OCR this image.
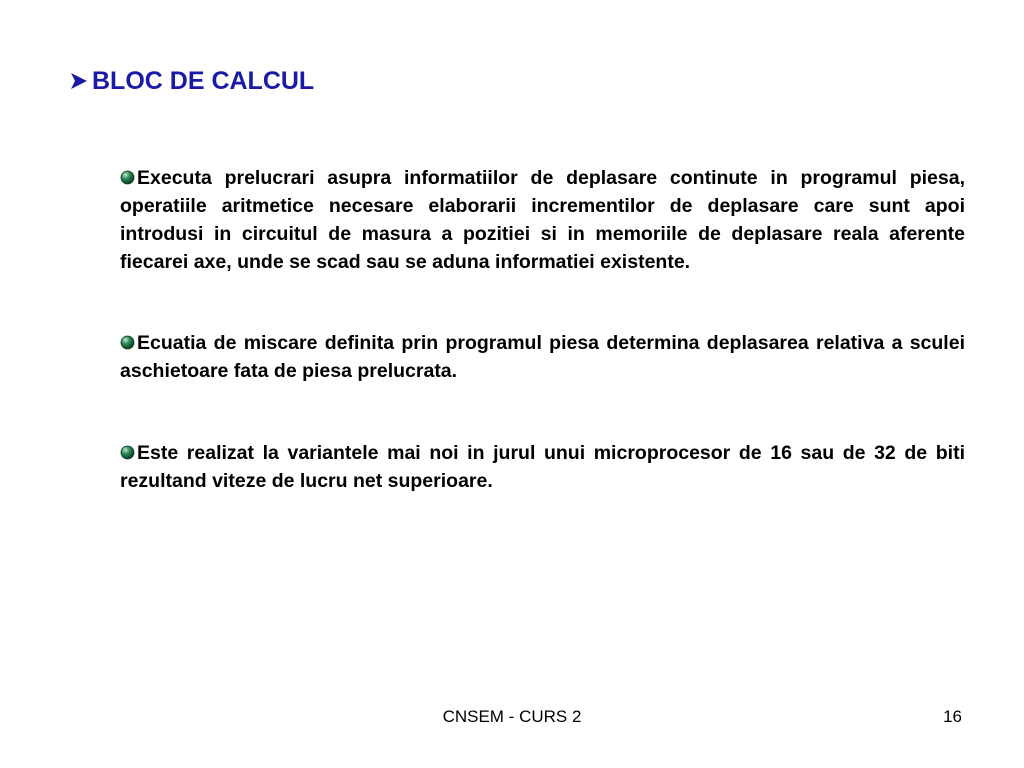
BLOC DE CALCUL

Executa prelucrari asupra informatiilor de deplasare continute in programul piesa, operatiile aritmetice necesare elaborarii incrementilor de deplasare care sunt apoi introdusi in circuitul de masura a pozitiei si in memoriile de deplasare reala aferente fiecarei axe, unde se scad sau se aduna informatiei existente.

Ecuatia de miscare definita prin programul piesa determina deplasarea relativa a sculei aschietoare fata de piesa prelucrata.

Este realizat la variantele mai noi in jurul unui microprocesor de 16 sau de 32 de biti rezultand viteze de lucru net superioare.

CNSEM - CURS 2	16
